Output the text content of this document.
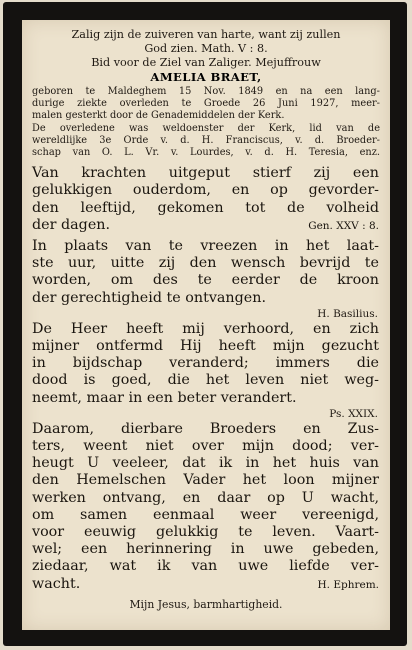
Zalig zijn de zuiveren van harte, want zij zullen
God zien. Math. V : 8.
Bid voor de Ziel van Zaliger. Mejuffrouw
AMELIA BRAET,
geboren te Maldeghem 15 Nov. 1849 en na een lang-
durige ziekte overleden te Groede 26 Juni 1927, meer-
malen gesterkt door de Genademiddelen der Kerk.
De overledene was weldoenster der Kerk, lid van de
wereldlijke 3e Orde v. d. H. Franciscus, v. d. Broeder-
schap van O. L. Vr. v. Lourdes, v. d. H. Teresia, enz.
Van krachten uitgeput stierf zij een
gelukkigen ouderdom, en op gevorder-
den leeftijd, gekomen tot de volheid
der dagen.	Gen. XXV : 8.
In plaats van te vreezen in het laat-
ste uur, uitte zij den wensch bevrijd te
worden, om des te eerder de kroon
der gerechtigheid te ontvangen.
H. Basilius.
De Heer heeft mij verhoord, en zich
mijner ontfermd Hij heeft mijn gezucht
in bijdschap veranderd; immers die
dood is goed, die het leven niet weg-
neemt, maar in een beter verandert.
Ps. XXIX.
Daarom, dierbare Broeders en Zus-
ters, weent niet over mijn dood; ver-
heugt U veeleer, dat ik in het huis van
den Hemelschen Vader het loon mijner
werken ontvang, en daar op U wacht,
om samen eenmaal weer vereenigd,
voor eeuwig gelukkig te leven. Vaart-
wel; een herinnering in uwe gebeden,
ziedaar, wat ik van uwe liefde ver-
wacht.	H. Ephrem.
Mijn Jesus, barmhartigheid.
